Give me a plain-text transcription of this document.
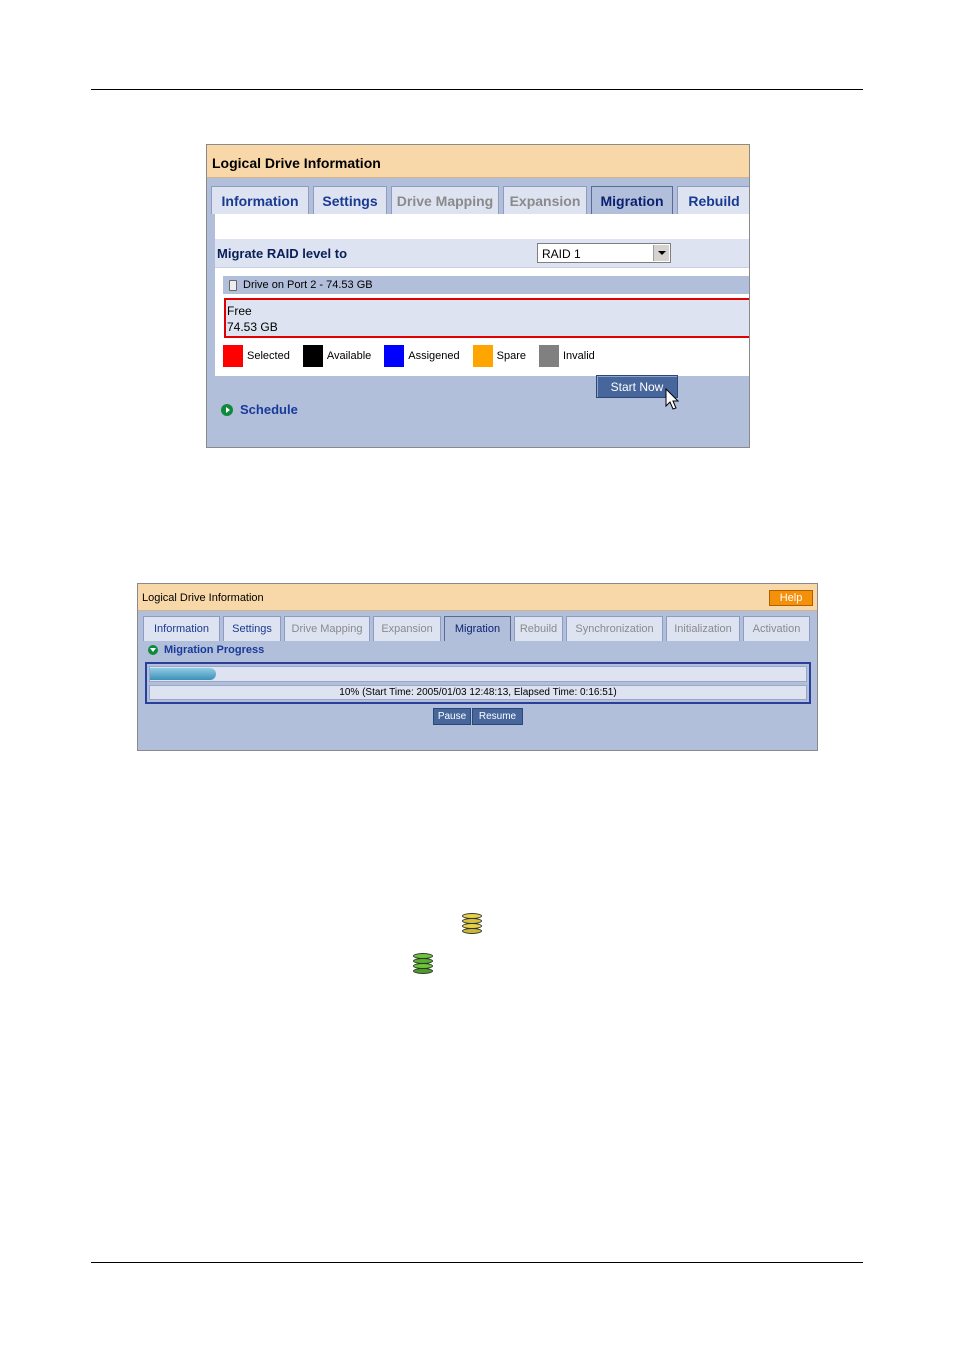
Logical Drive Information
Information	Settings	Drive Mapping	Expansion	Migration	Rebuild
Migrate RAID level to	RAID 1
Drive on Port 2 - 74.53 GB
Free
74.53 GB
Selected	Available	Assigened	Spare	Invalid
Start Now
Schedule
Logical Drive Information	Help
Information	Settings	Drive Mapping	Expansion	Migration	Rebuild	Synchronization	Initialization	Activation
Migration Progress
10% (Start Time: 2005/01/03 12:48:13, Elapsed Time: 0:16:51)
Pause	Resume
